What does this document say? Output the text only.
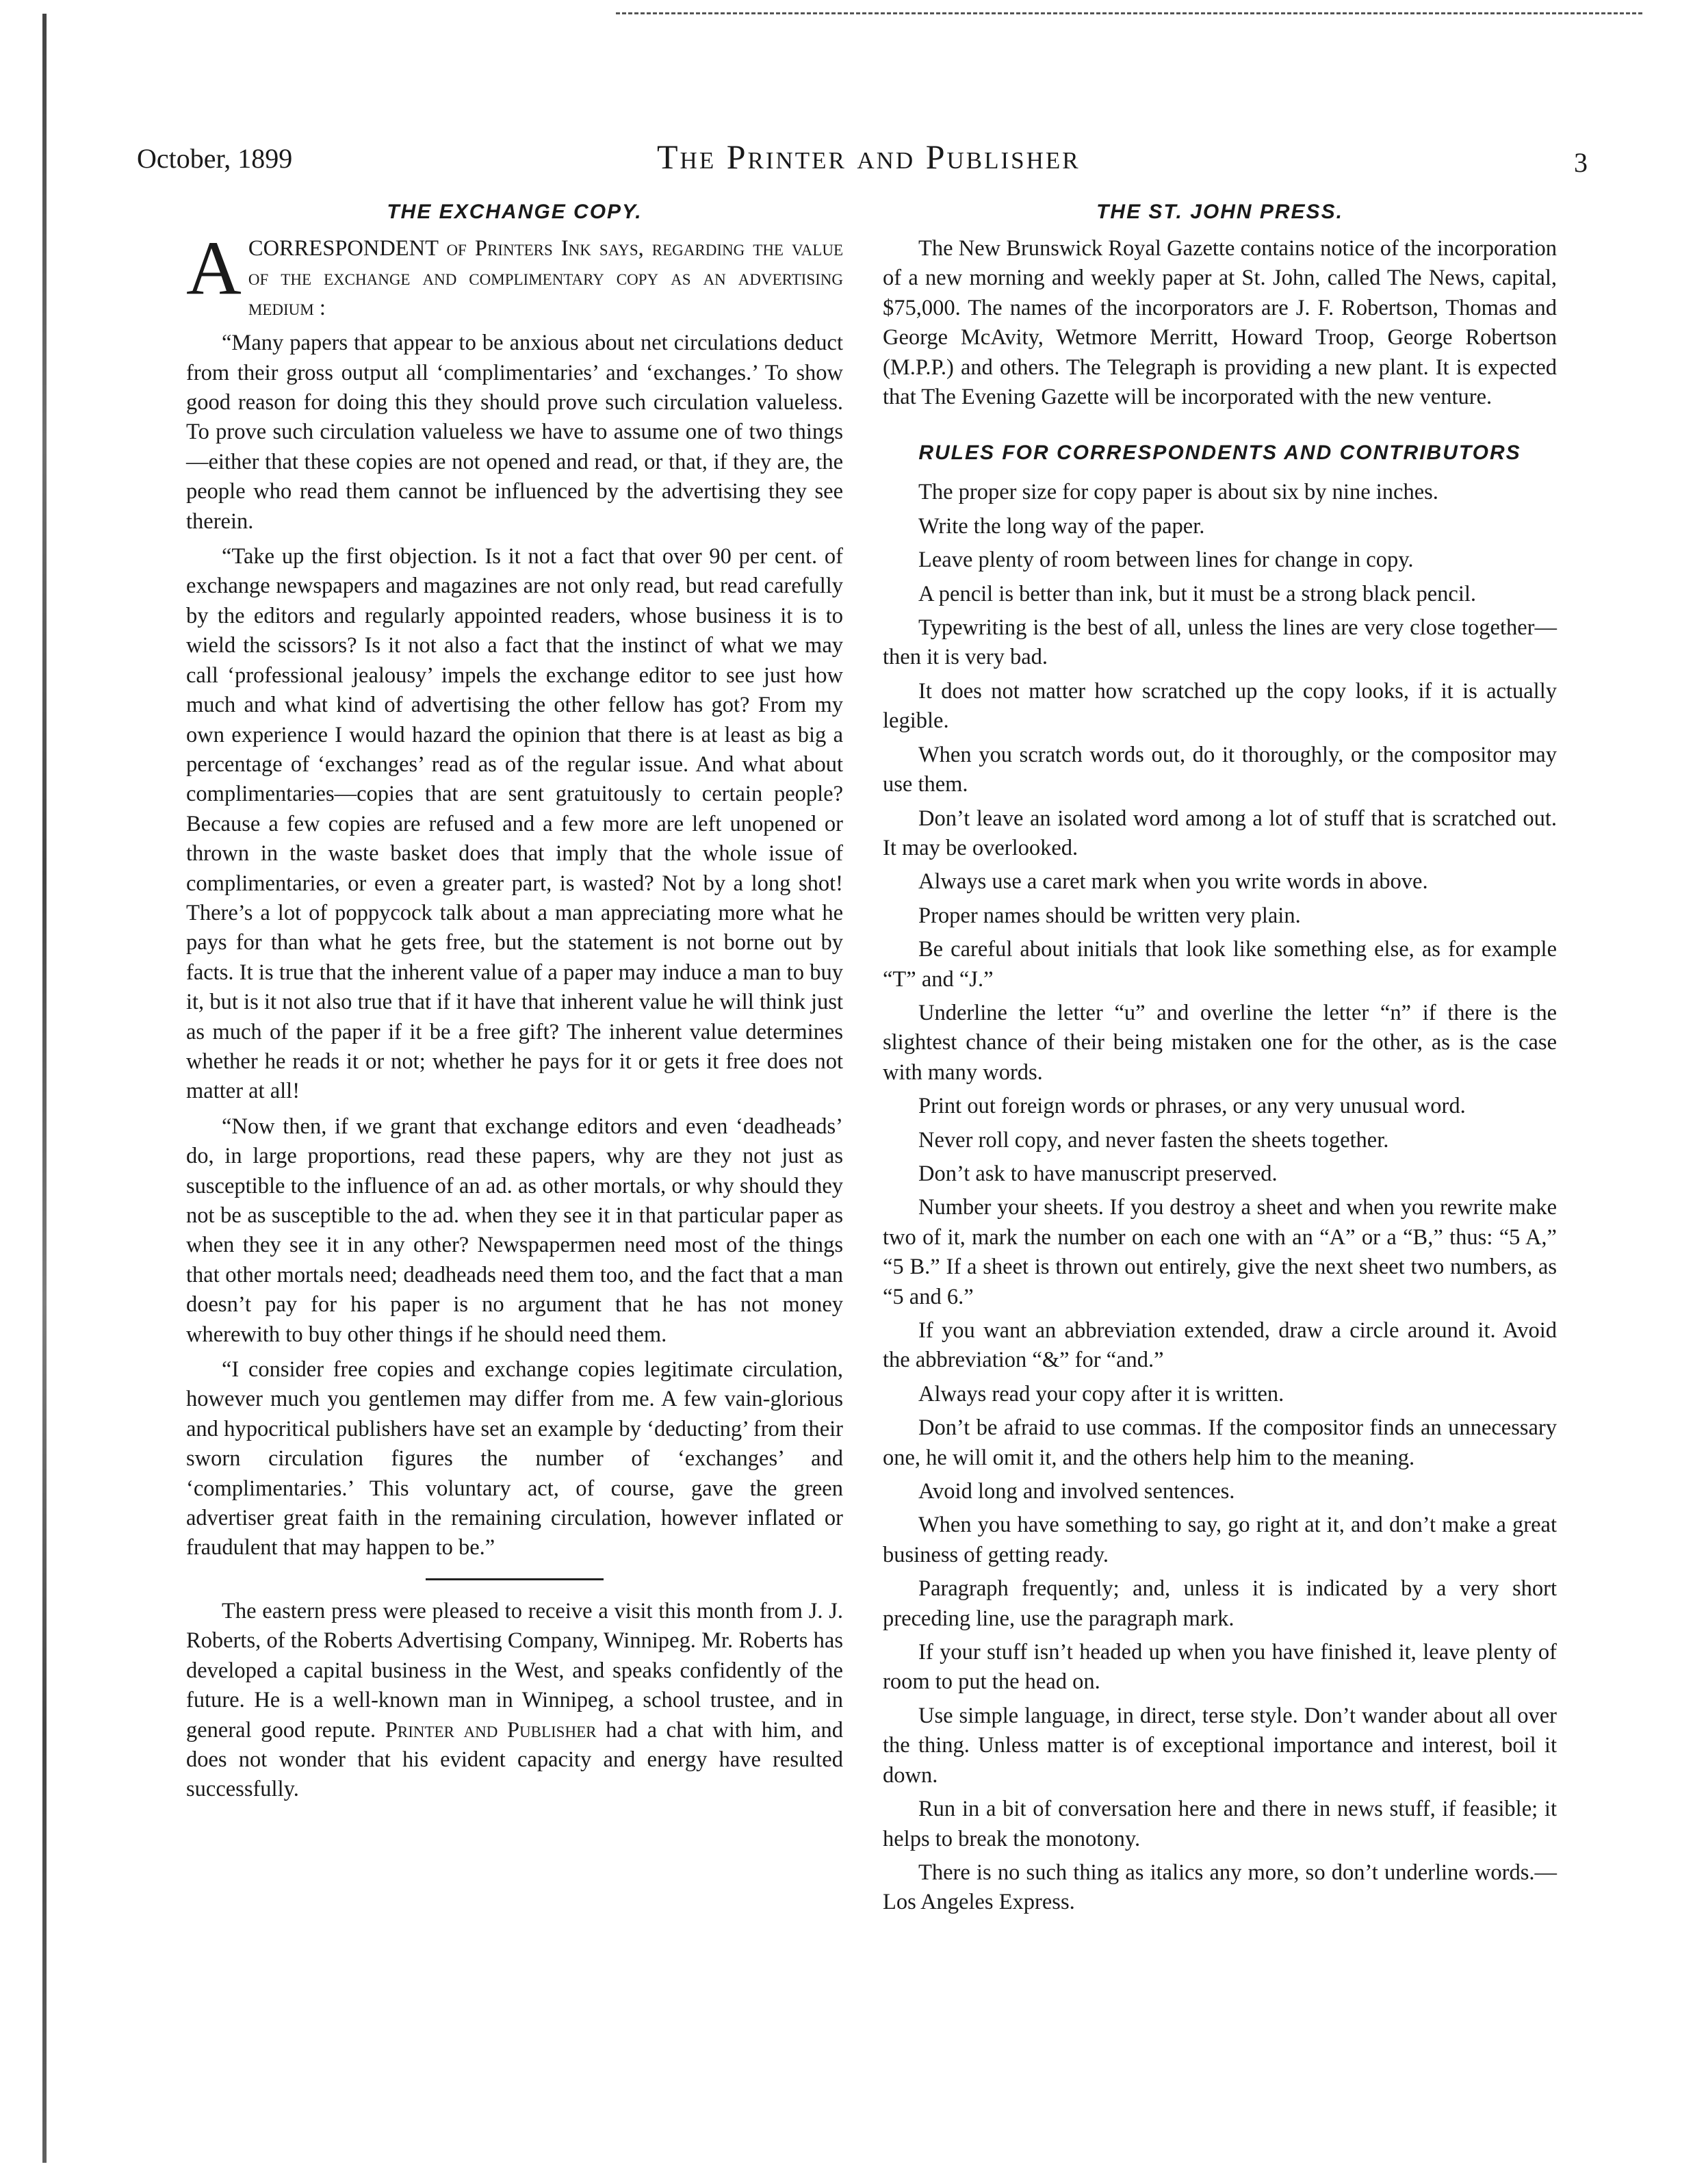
October, 1899	The Printer and Publisher	3
THE EXCHANGE COPY.

A CORRESPONDENT of Printers Ink says, regarding the value of the exchange and complimentary copy as an advertising medium :

“Many papers that appear to be anxious about net circulations deduct from their gross output all ‘complimentaries’ and ‘exchanges.’ To show good reason for doing this they should prove such circulation valueless. To prove such circulation valueless we have to assume one of two things—either that these copies are not opened and read, or that, if they are, the people who read them cannot be influenced by the advertising they see therein.

“Take up the first objection. Is it not a fact that over 90 per cent. of exchange newspapers and magazines are not only read, but read carefully by the editors and regularly appointed readers, whose business it is to wield the scissors? Is it not also a fact that the instinct of what we may call ‘professional jealousy’ impels the exchange editor to see just how much and what kind of advertising the other fellow has got? From my own experience I would hazard the opinion that there is at least as big a percentage of ‘exchanges’ read as of the regular issue. And what about complimentaries—copies that are sent gratuitously to certain people? Because a few copies are refused and a few more are left unopened or thrown in the waste basket does that imply that the whole issue of complimentaries, or even a greater part, is wasted? Not by a long shot! There’s a lot of poppycock talk about a man appreciating more what he pays for than what he gets free, but the statement is not borne out by facts. It is true that the inherent value of a paper may induce a man to buy it, but is it not also true that if it have that inherent value he will think just as much of the paper if it be a free gift? The inherent value determines whether he reads it or not; whether he pays for it or gets it free does not matter at all!

“Now then, if we grant that exchange editors and even ‘deadheads’ do, in large proportions, read these papers, why are they not just as susceptible to the influence of an ad. as other mortals, or why should they not be as susceptible to the ad. when they see it in that particular paper as when they see it in any other? Newspapermen need most of the things that other mortals need; deadheads need them too, and the fact that a man doesn’t pay for his paper is no argument that he has not money wherewith to buy other things if he should need them.

“I consider free copies and exchange copies legitimate circulation, however much you gentlemen may differ from me. A few vain-glorious and hypocritical publishers have set an example by ‘deducting’ from their sworn circulation figures the number of ‘exchanges’ and ‘complimentaries.’ This voluntary act, of course, gave the green advertiser great faith in the remaining circulation, however inflated or fraudulent that may happen to be.”

The eastern press were pleased to receive a visit this month from J. J. Roberts, of the Roberts Advertising Company, Winnipeg. Mr. Roberts has developed a capital business in the West, and speaks confidently of the future. He is a well-known man in Winnipeg, a school trustee, and in general good repute. Printer and Publisher had a chat with him, and does not wonder that his evident capacity and energy have resulted successfully.

THE ST. JOHN PRESS.

The New Brunswick Royal Gazette contains notice of the incorporation of a new morning and weekly paper at St. John, called The News, capital, $75,000. The names of the incorporators are J. F. Robertson, Thomas and George McAvity, Wetmore Merritt, Howard Troop, George Robertson (M.P.P.) and others. The Telegraph is providing a new plant. It is expected that The Evening Gazette will be incorporated with the new venture.

RULES FOR CORRESPONDENTS AND CONTRIBUTORS

The proper size for copy paper is about six by nine inches.

Write the long way of the paper.

Leave plenty of room between lines for change in copy.

A pencil is better than ink, but it must be a strong black pencil.

Typewriting is the best of all, unless the lines are very close together—then it is very bad.

It does not matter how scratched up the copy looks, if it is actually legible.

When you scratch words out, do it thoroughly, or the compositor may use them.

Don’t leave an isolated word among a lot of stuff that is scratched out. It may be overlooked.

Always use a caret mark when you write words in above.

Proper names should be written very plain.

Be careful about initials that look like something else, as for example “T” and “J.”

Underline the letter “u” and overline the letter “n” if there is the slightest chance of their being mistaken one for the other, as is the case with many words.

Print out foreign words or phrases, or any very unusual word.

Never roll copy, and never fasten the sheets together.

Don’t ask to have manuscript preserved.

Number your sheets. If you destroy a sheet and when you rewrite make two of it, mark the number on each one with an “A” or a “B,” thus: “5 A,” “5 B.” If a sheet is thrown out entirely, give the next sheet two numbers, as “5 and 6.”

If you want an abbreviation extended, draw a circle around it. Avoid the abbreviation “&” for “and.”

Always read your copy after it is written.

Don’t be afraid to use commas. If the compositor finds an unnecessary one, he will omit it, and the others help him to the meaning.

Avoid long and involved sentences.

When you have something to say, go right at it, and don’t make a great business of getting ready.

Paragraph frequently; and, unless it is indicated by a very short preceding line, use the paragraph mark.

If your stuff isn’t headed up when you have finished it, leave plenty of room to put the head on.

Use simple language, in direct, terse style. Don’t wander about all over the thing. Unless matter is of exceptional importance and interest, boil it down.

Run in a bit of conversation here and there in news stuff, if feasible; it helps to break the monotony.

There is no such thing as italics any more, so don’t underline words.—Los Angeles Express.
